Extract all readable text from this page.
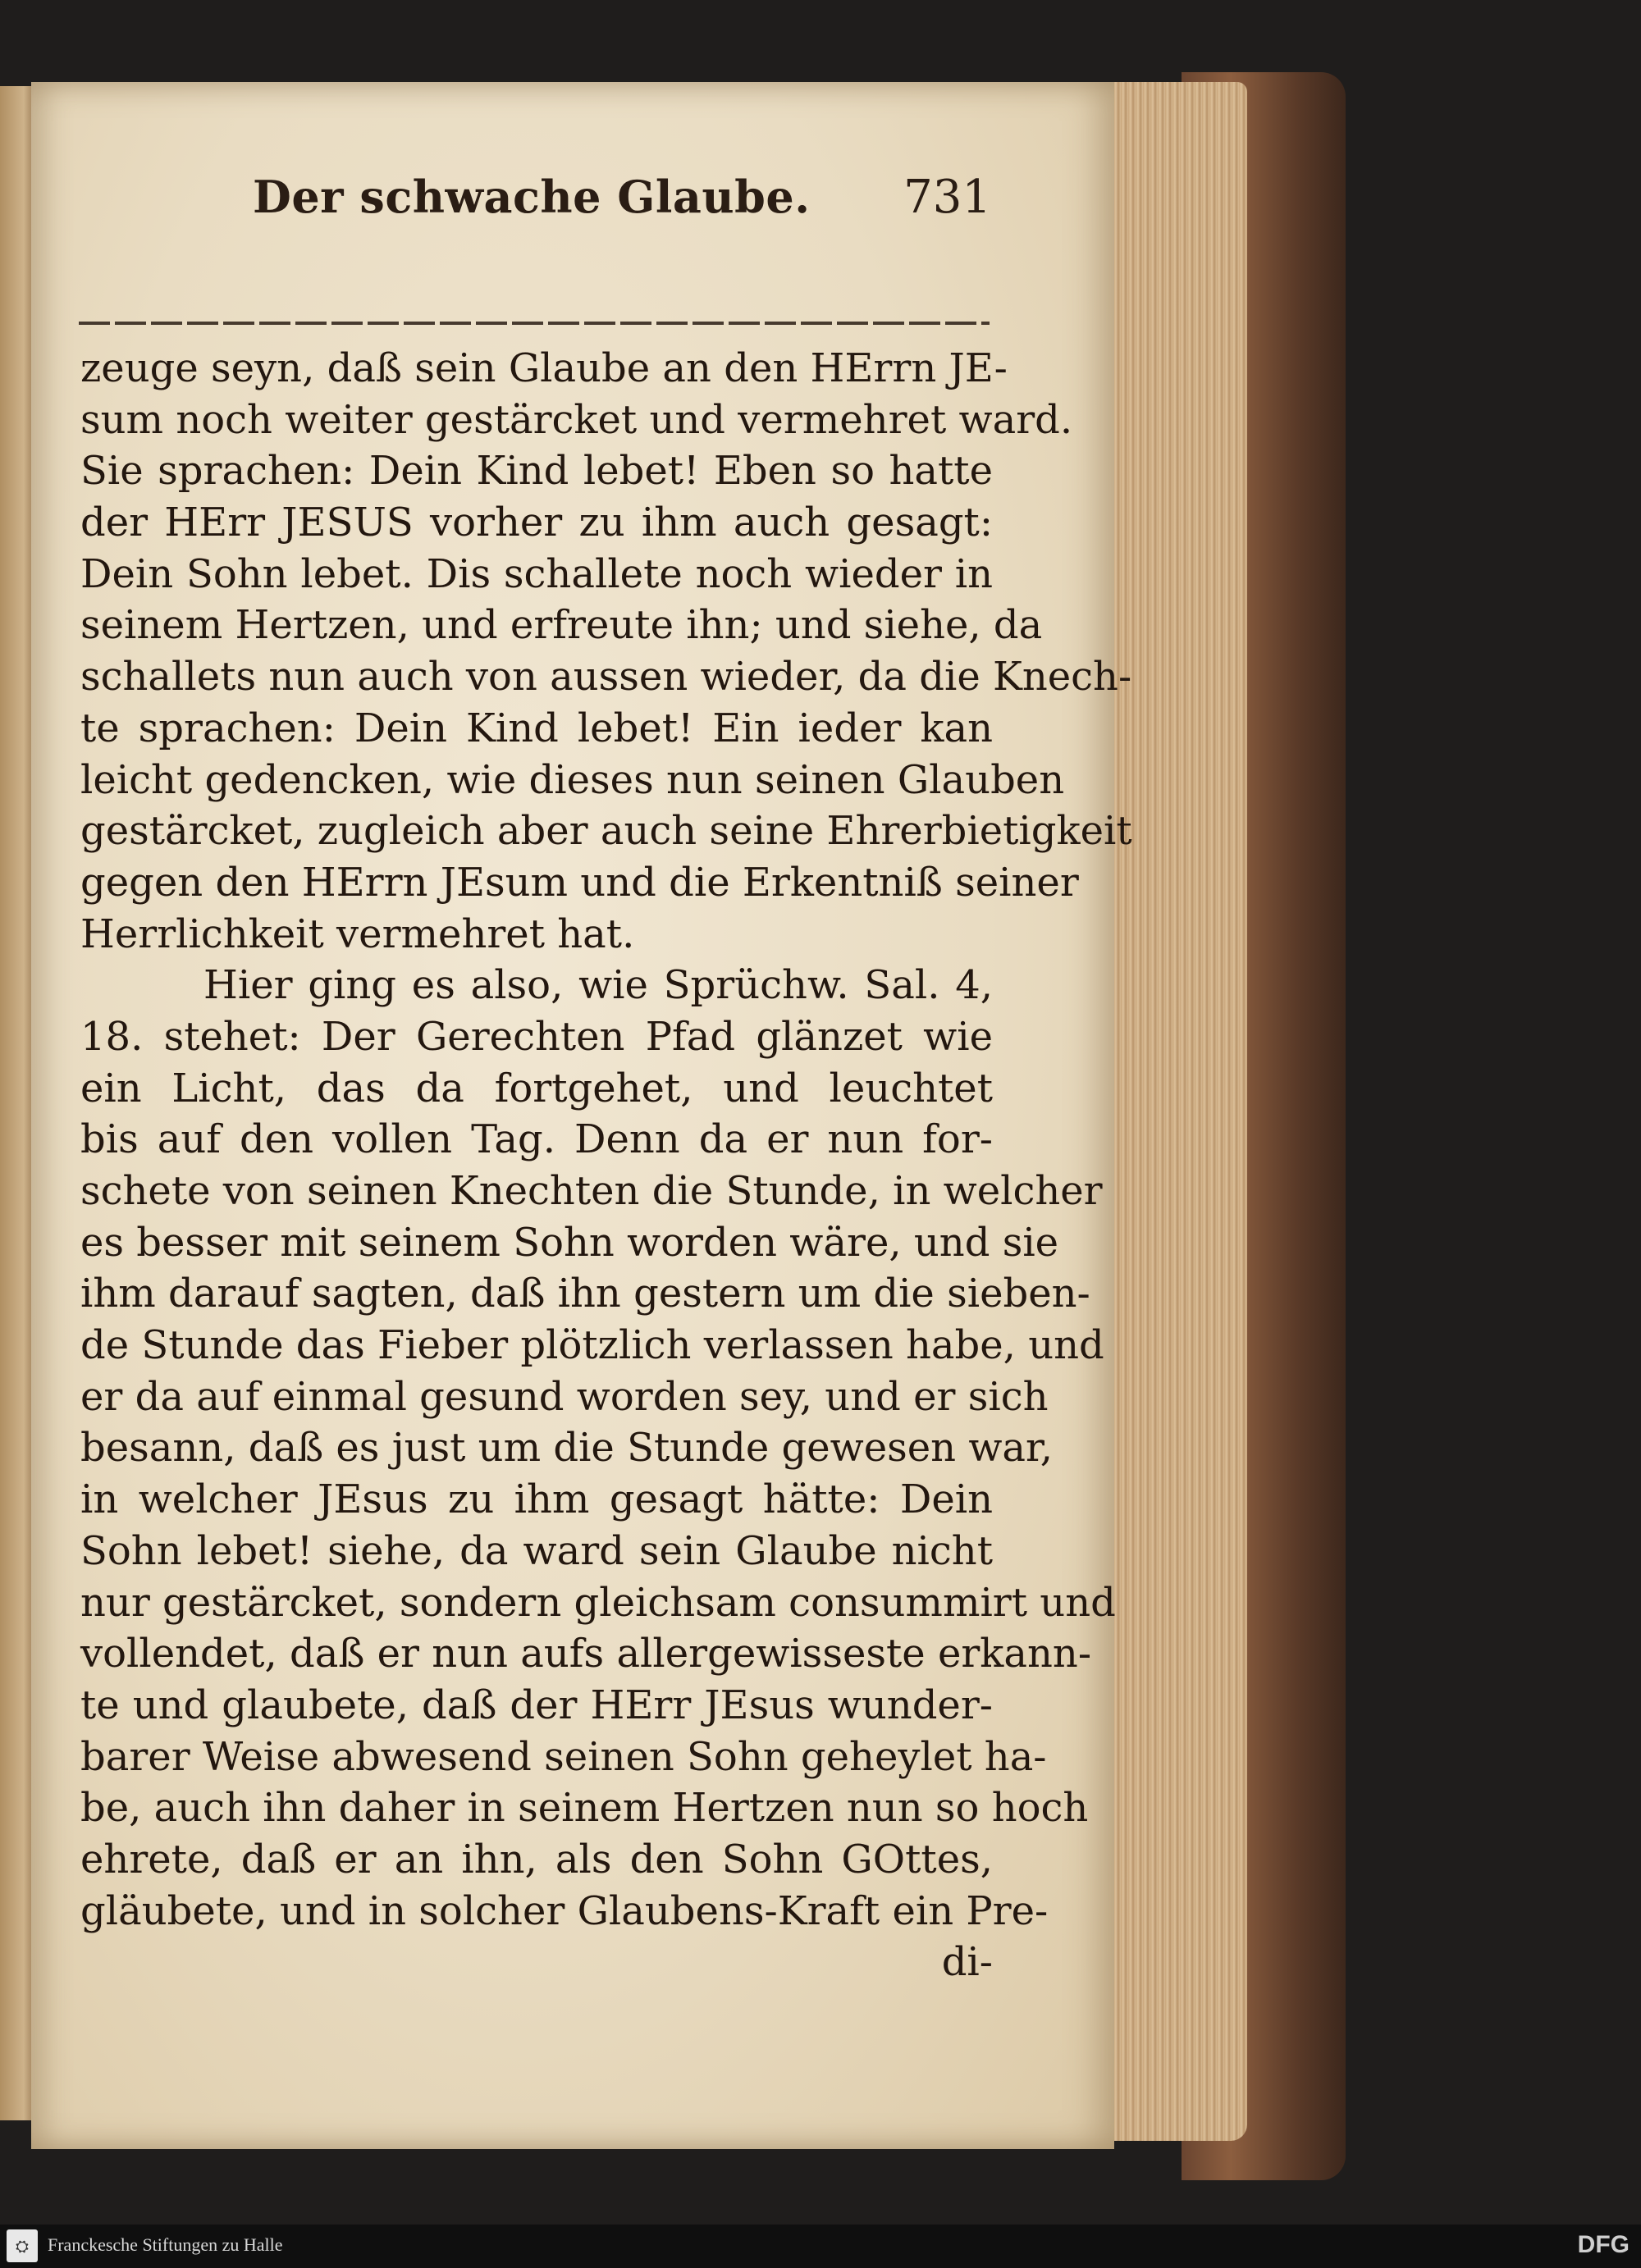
Der schwache Glaube. 731
zeuge seyn, daß sein Glaube an den HErrn JE-
sum noch weiter gestärcket und vermehret ward.
Sie sprachen: Dein Kind lebet! Eben so hatte
der HErr JESUS vorher zu ihm auch gesagt:
Dein Sohn lebet. Dis schallete noch wieder in
seinem Hertzen, und erfreute ihn; und siehe, da
schallets nun auch von aussen wieder, da die Knech-
te sprachen: Dein Kind lebet! Ein ieder kan
leicht gedencken, wie dieses nun seinen Glauben
gestärcket, zugleich aber auch seine Ehrerbietigkeit
gegen den HErrn JEsum und die Erkentniß seiner
Herrlichkeit vermehret hat.
Hier ging es also, wie Sprüchw. Sal. 4,
18. stehet: Der Gerechten Pfad glänzet wie
ein Licht, das da fortgehet, und leuchtet
bis auf den vollen Tag. Denn da er nun for-
schete von seinen Knechten die Stunde, in welcher
es besser mit seinem Sohn worden wäre, und sie
ihm darauf sagten, daß ihn gestern um die sieben-
de Stunde das Fieber plötzlich verlassen habe, und
er da auf einmal gesund worden sey, und er sich
besann, daß es just um die Stunde gewesen war,
in welcher JEsus zu ihm gesagt hätte: Dein
Sohn lebet! siehe, da ward sein Glaube nicht
nur gestärcket, sondern gleichsam consummirt und
vollendet, daß er nun aufs allergewisseste erkann-
te und glaubete, daß der HErr JEsus wunder-
barer Weise abwesend seinen Sohn geheylet ha-
be, auch ihn daher in seinem Hertzen nun so hoch
ehrete, daß er an ihn, als den Sohn GOttes,
gläubete, und in solcher Glaubens-Kraft ein Pre-
di-
⛭	Franckesche Stiftungen zu Halle	DFG
